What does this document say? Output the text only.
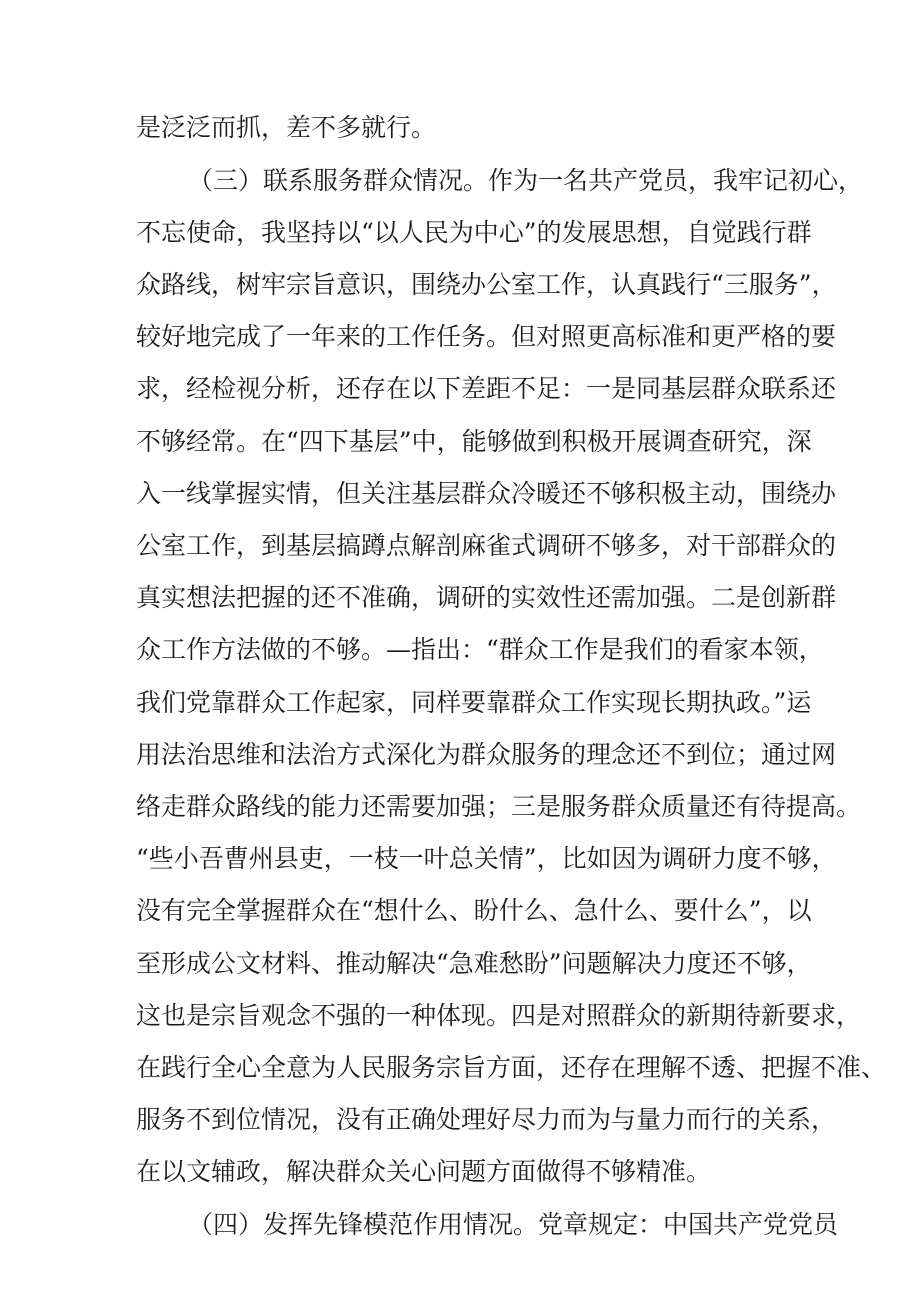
是泛泛而抓，差不多就行。
（三）联系服务群众情况。作为一名共产党员，我牢记初心，
不忘使命，我坚持以“以人民为中心”的发展思想，自觉践行群
众路线，树牢宗旨意识，围绕办公室工作，认真践行“三服务”，
较好地完成了一年来的工作任务。但对照更高标准和更严格的要
求，经检视分析，还存在以下差距不足：一是同基层群众联系还
不够经常。在“四下基层”中，能够做到积极开展调查研究，深
入一线掌握实情，但关注基层群众冷暖还不够积极主动，围绕办
公室工作，到基层搞蹲点解剖麻雀式调研不够多，对干部群众的
真实想法把握的还不准确，调研的实效性还需加强。二是创新群
众工作方法做的不够。—指出：“群众工作是我们的看家本领，
我们党靠群众工作起家，同样要靠群众工作实现长期执政。”运
用法治思维和法治方式深化为群众服务的理念还不到位；通过网
络走群众路线的能力还需要加强；三是服务群众质量还有待提高。
“些小吾曹州县吏，一枝一叶总关情”，比如因为调研力度不够，
没有完全掌握群众在“想什么、盼什么、急什么、要什么”，以
至形成公文材料、推动解决“急难愁盼”问题解决力度还不够，
这也是宗旨观念不强的一种体现。四是对照群众的新期待新要求，
在践行全心全意为人民服务宗旨方面，还存在理解不透、把握不准、
服务不到位情况，没有正确处理好尽力而为与量力而行的关系，
在以文辅政，解决群众关心问题方面做得不够精准。
（四）发挥先锋模范作用情况。党章规定：中国共产党党员
